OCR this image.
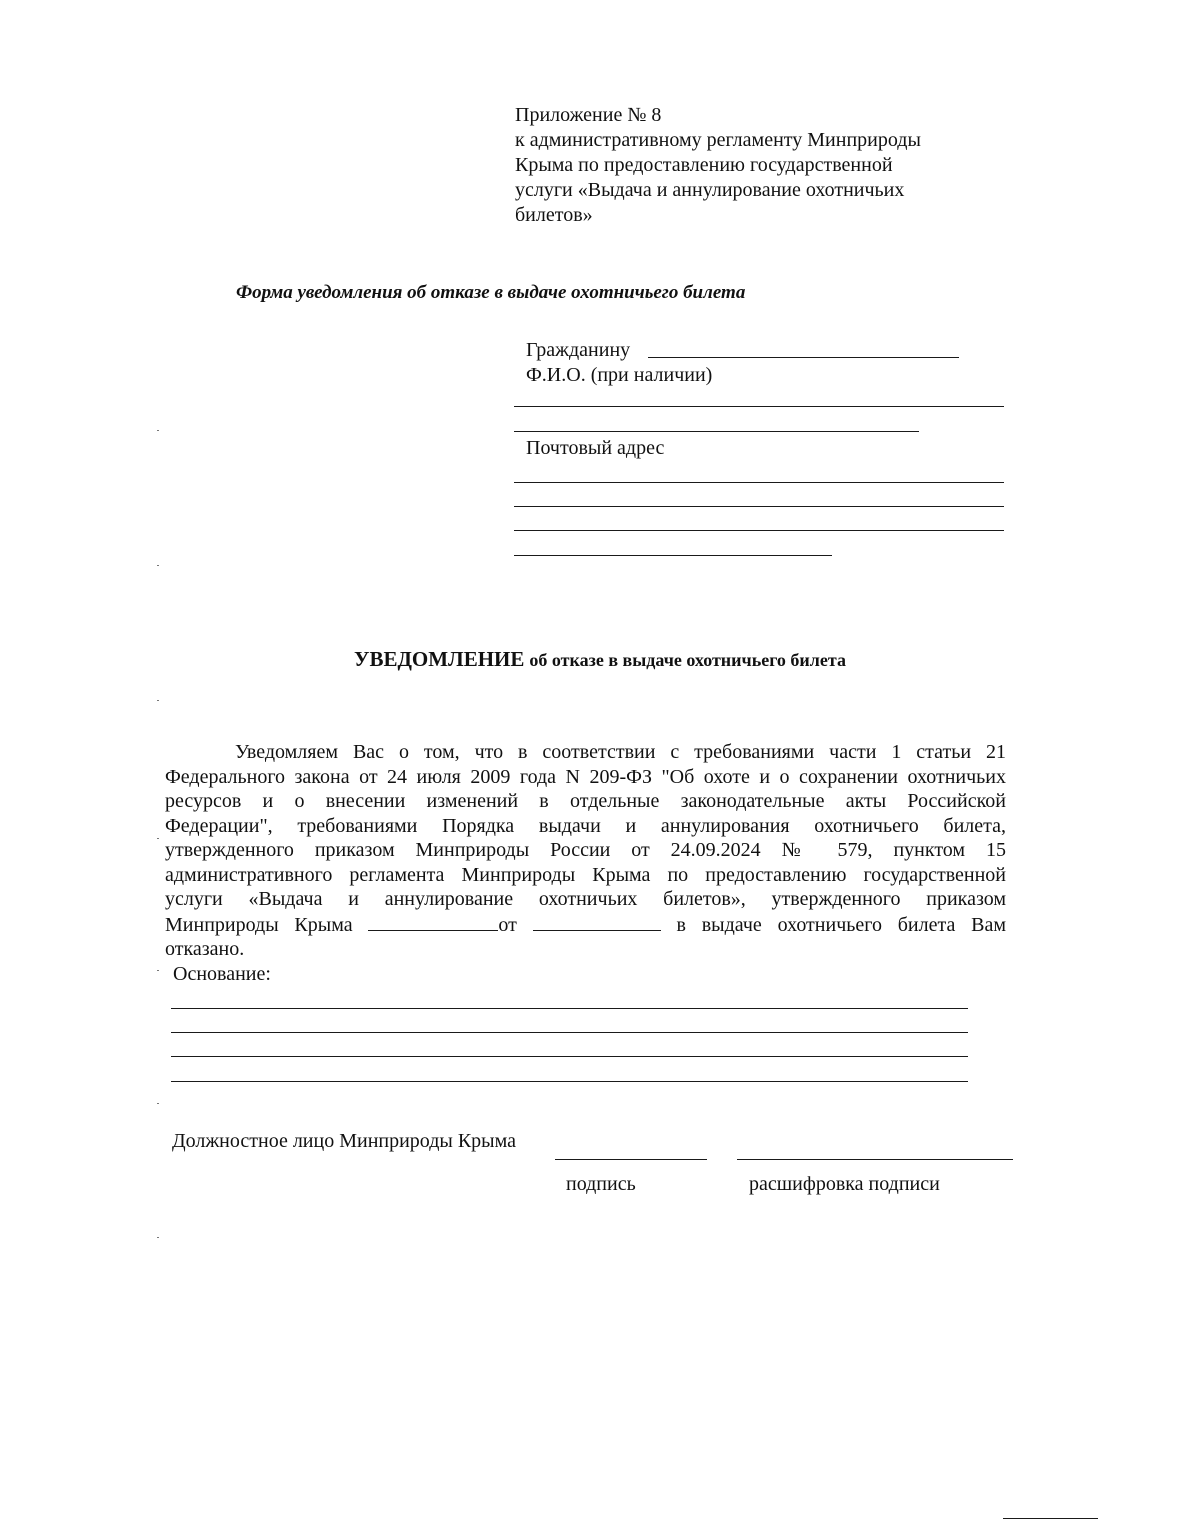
Приложение № 8
к административному регламенту Минприроды
Крыма по предоставлению государственной
услуги «Выдача и аннулирование охотничьих
билетов»
Форма уведомления об отказе в выдаче охотничьего билета
Гражданину
Ф.И.О. (при наличии)
Почтовый адрес
УВЕДОМЛЕНИЕ об отказе в выдаче охотничьего билета
Уведомляем Вас о том, что в соответствии с требованиями части 1 статьи 21
Федерального закона от 24 июля 2009 года N 209-ФЗ "Об охоте и о сохранении охотничьих
ресурсов и о внесении изменений в отдельные законодательные акты Российской
Федерации", требованиями Порядка выдачи и аннулирования охотничьего билета,
утвержденного приказом Минприроды России от 24.09.2024 № 579, пунктом 15
административного регламента Минприроды Крыма по предоставлению государственной
услуги «Выдача и аннулирование охотничьих билетов», утвержденного приказом
Минприроды Крыма	от	в выдаче охотничьего билета Вам
отказано.
Основание:
Должностное лицо Минприроды Крыма
подпись	расшифровка подписи
